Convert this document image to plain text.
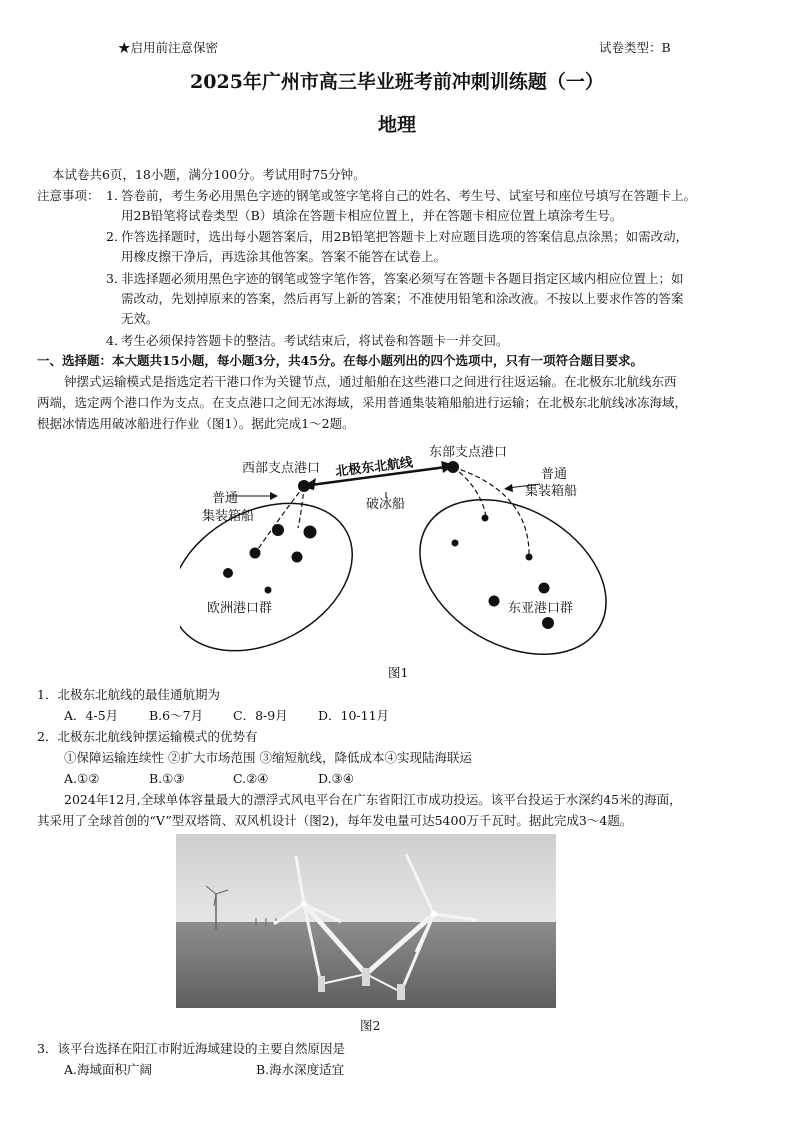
★启用前注意保密	试卷类型：B
2025年广州市高三毕业班考前冲刺训练题（一）
地理
本试卷共6页，18小题，满分100分。考试用时75分钟。
注意事项： 1．
答卷前，考生务必用黑色字迹的钢笔或签字笔将自己的姓名、考生号、试室号和座位号填写在答题卡上。
用2B铅笔将试卷类型（B）填涂在答题卡相应位置上，并在答题卡相应位置上填涂考生号。
2．
作答选择题时，选出每小题答案后，用2B铅笔把答题卡上对应题目选项的答案信息点涂黑；如需改动，
用橡皮擦干净后，再选涂其他答案。答案不能答在试卷上。
3．
非选择题必须用黑色字迹的钢笔或签字笔作答，答案必须写在答题卡各题目指定区域内相应位置上；如
需改动，先划掉原来的答案，然后再写上新的答案；不准使用铅笔和涂改液。不按以上要求作答的答案
无效。
4．
考生必须保持答题卡的整洁。考试结束后，将试卷和答题卡一并交回。
一、选择题：本大题共15小题，每小题3分，共45分。在每小题列出的四个选项中，只有一项符合题目要求。
钟摆式运输模式是指选定若干港口作为关键节点，通过船舶在这些港口之间进行往返运输。在北极东北航线东西
两端，选定两个港口作为支点。在支点港口之间无冰海域，采用普通集装箱船舶进行运输；在北极东北航线冰冻海域，
根据冰情选用破冰船进行作业（图1）。据此完成1～2题。
西部支点港口
东部支点港口
北极东北航线
破冰船
普通
集装箱船
普通
集装箱船
欧洲港口群	东亚港口群
图1
1．北极东北航线的最佳通航期为
A．4-5月 B.6～7月 C．8-9月 D．10-11月
2．北极东北航线钟摆运输模式的优势有
①保障运输连续性 ②扩大市场范围 ③缩短航线，降低成本④实现陆海联运
A.①②	B.①③	C.②④	D.③④
2024年12月,全球单体容量最大的漂浮式风电平台在广东省阳江市成功投运。该平台投运于水深约45米的海面，
其采用了全球首创的“V”型双塔筒、双风机设计（图2)，每年发电量可达5400万千瓦时。据此完成3～4题。
图2
3．该平台选择在阳江市附近海域建设的主要自然原因是
A.海域面积广阔	B.海水深度适宜
